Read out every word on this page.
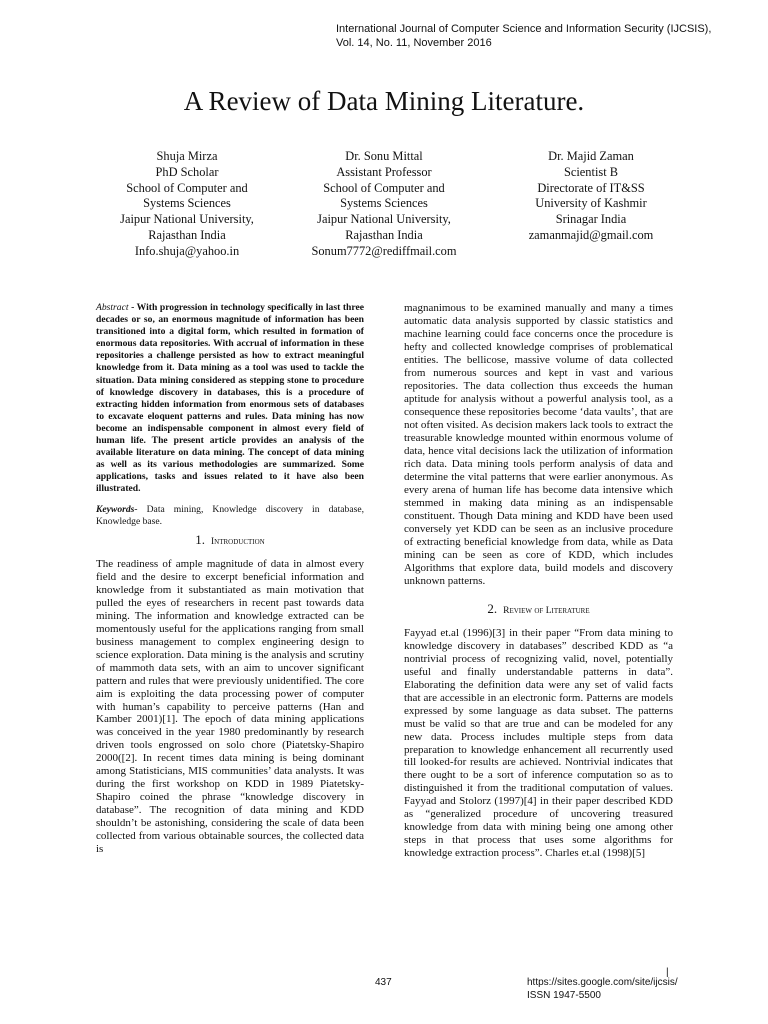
International Journal of Computer Science and Information Security (IJCSIS),
Vol. 14, No. 11, November 2016
A Review of Data Mining Literature.
Shuja Mirza
PhD Scholar
School of Computer and
Systems Sciences
Jaipur National University,
Rajasthan India
Info.shuja@yahoo.in
Dr. Sonu Mittal
Assistant Professor
School of Computer and
Systems Sciences
Jaipur National University,
Rajasthan India
Sonum7772@rediffmail.com
Dr. Majid Zaman
Scientist B
Directorate of IT&SS
University of Kashmir
Srinagar India
zamanmajid@gmail.com

Abstract - With progression in technology specifically in last three decades or so, an enormous magnitude of information has been transitioned into a digital form, which resulted in formation of enormous data repositories. With accrual of information in these repositories a challenge persisted as how to extract meaningful knowledge from it. Data mining as a tool was used to tackle the situation. Data mining considered as stepping stone to procedure of knowledge discovery in databases, this is a procedure of extracting hidden information from enormous sets of databases to excavate eloquent patterns and rules. Data mining has now become an indispensable component in almost every field of human life. The present article provides an analysis of the available literature on data mining. The concept of data mining as well as its various methodologies are summarized. Some applications, tasks and issues related to it have also been illustrated.

Keywords- Data mining, Knowledge discovery in database, Knowledge base.

1. Introduction

The readiness of ample magnitude of data in almost every field and the desire to excerpt beneficial information and knowledge from it substantiated as main motivation that pulled the eyes of researchers in recent past towards data mining. The information and knowledge extracted can be momentously useful for the applications ranging from small business management to complex engineering design to science exploration. Data mining is the analysis and scrutiny of mammoth data sets, with an aim to uncover significant pattern and rules that were previously unidentified. The core aim is exploiting the data processing power of computer with human’s capability to perceive patterns (Han and Kamber 2001)[1]. The epoch of data mining applications was conceived in the year 1980 predominantly by research driven tools engrossed on solo chore (Piatetsky-Shapiro 2000([2]. In recent times data mining is being dominant among Statisticians, MIS communities’ data analysts. It was during the first workshop on KDD in 1989 Piatetsky-Shapiro coined the phrase “knowledge discovery in database”. The recognition of data mining and KDD shouldn’t be astonishing, considering the scale of data been collected from various obtainable sources, the collected data is

magnanimous to be examined manually and many a times automatic data analysis supported by classic statistics and machine learning could face concerns once the procedure is hefty and collected knowledge comprises of problematical entities. The bellicose, massive volume of data collected from numerous sources and kept in vast and various repositories. The data collection thus exceeds the human aptitude for analysis without a powerful analysis tool, as a consequence these repositories become ‘data vaults’, that are not often visited. As decision makers lack tools to extract the treasurable knowledge mounted within enormous volume of data, hence vital decisions lack the utilization of information rich data. Data mining tools perform analysis of data and determine the vital patterns that were earlier anonymous. As every arena of human life has become data intensive which stemmed in making data mining as an indispensable constituent. Though Data mining and KDD have been used conversely yet KDD can be seen as an inclusive procedure of extracting beneficial knowledge from data, while as Data mining can be seen as core of KDD, which includes Algorithms that explore data, build models and discovery unknown patterns.

2. Review of Literature

Fayyad et.al (1996)[3] in their paper “From data mining to knowledge discovery in databases” described KDD as “a nontrivial process of recognizing valid, novel, potentially useful and finally understandable patterns in data”. Elaborating the definition data were any set of valid facts that are accessible in an electronic form. Patterns are models expressed by some language as data subset. The patterns must be valid so that are true and can be modeled for any new data. Process includes multiple steps from data preparation to knowledge enhancement all recurrently used till looked-for results are achieved. Nontrivial indicates that there ought to be a sort of inference computation so as to distinguished it from the traditional computation of values. Fayyad and Stolorz (1997)[4] in their paper described KDD as “generalized procedure of uncovering treasured knowledge from data with mining being one among other steps in that process that uses some algorithms for knowledge extraction process”. Charles et.al (1998)[5]

437
|
https://sites.google.com/site/ijcsis/
ISSN 1947-5500
